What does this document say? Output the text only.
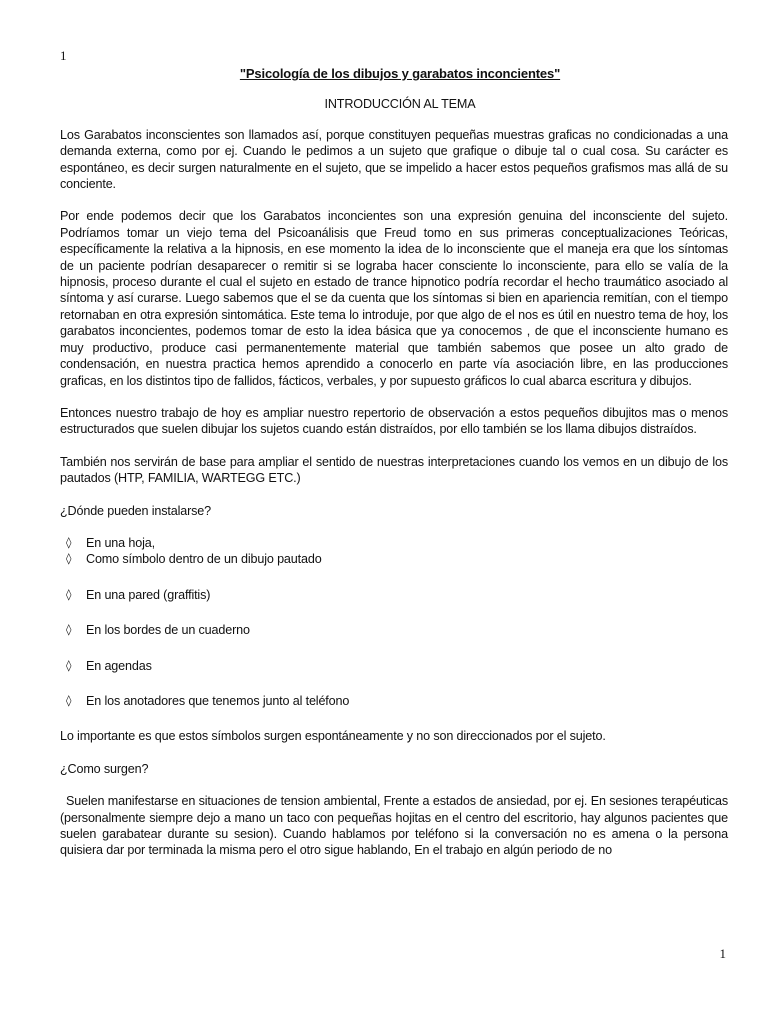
1
"Psicología de los dibujos y garabatos inconcientes"
INTRODUCCIÓN AL TEMA

Los Garabatos inconscientes son llamados así, porque constituyen pequeñas muestras graficas no condicionadas a una demanda externa, como por ej. Cuando le pedimos a un sujeto que grafique o dibuje tal o cual cosa. Su carácter es espontáneo, es decir surgen naturalmente en el sujeto, que se impelido a hacer estos pequeños grafismos mas allá de su conciente.

Por ende podemos decir que los Garabatos inconcientes son una expresión genuina del inconsciente del sujeto. Podríamos tomar un viejo tema del Psicoanálisis que Freud tomo en sus primeras conceptualizaciones Teóricas, específicamente la relativa a la hipnosis, en ese momento la idea de lo inconsciente que el maneja era que los síntomas de un paciente podrían desaparecer o remitir si se lograba hacer consciente lo inconsciente, para ello se valía de la hipnosis, proceso durante el cual el sujeto en estado de trance hipnotico podría recordar el hecho traumático asociado al síntoma y así curarse. Luego sabemos que el se da cuenta que los síntomas si bien en apariencia remitían, con el tiempo retornaban en otra expresión sintomática. Este tema lo introduje, por que algo de el nos es útil en nuestro tema de hoy, los garabatos inconcientes, podemos tomar de esto la idea básica que ya conocemos , de que el inconsciente humano es muy productivo, produce casi permanentemente material que también sabemos que posee un alto grado de condensación, en nuestra practica hemos aprendido a conocerlo en parte vía asociación libre, en las producciones graficas, en los distintos tipo de fallidos, fácticos, verbales, y por supuesto gráficos lo cual abarca escritura y dibujos.

Entonces nuestro trabajo de hoy es ampliar nuestro repertorio de observación a estos pequeños dibujitos mas o menos estructurados que suelen dibujar los sujetos cuando están distraídos, por ello también se los llama dibujos distraídos.

También nos servirán de base para ampliar el sentido de nuestras interpretaciones cuando los vemos en un dibujo de los pautados (HTP, FAMILIA, WARTEGG ETC.)

¿Dónde pueden instalarse?

◊	En una hoja,
◊	Como símbolo dentro de un dibujo pautado
◊	En una pared (graffitis)
◊	En los bordes de un cuaderno
◊	En agendas
◊	En los anotadores que tenemos junto al teléfono

Lo importante es que estos símbolos surgen espontáneamente y no son direccionados por el sujeto.

¿Como surgen?

Suelen manifestarse en situaciones de tension ambiental, Frente a estados de ansiedad, por ej. En sesiones terapéuticas (personalmente siempre dejo a mano un taco con pequeñas hojitas en el centro del escritorio, hay algunos pacientes que suelen garabatear durante su sesion). Cuando hablamos por teléfono si la conversación no es amena o la persona quisiera dar por terminada la misma pero el otro sigue hablando, En el trabajo en algún periodo de no

1
